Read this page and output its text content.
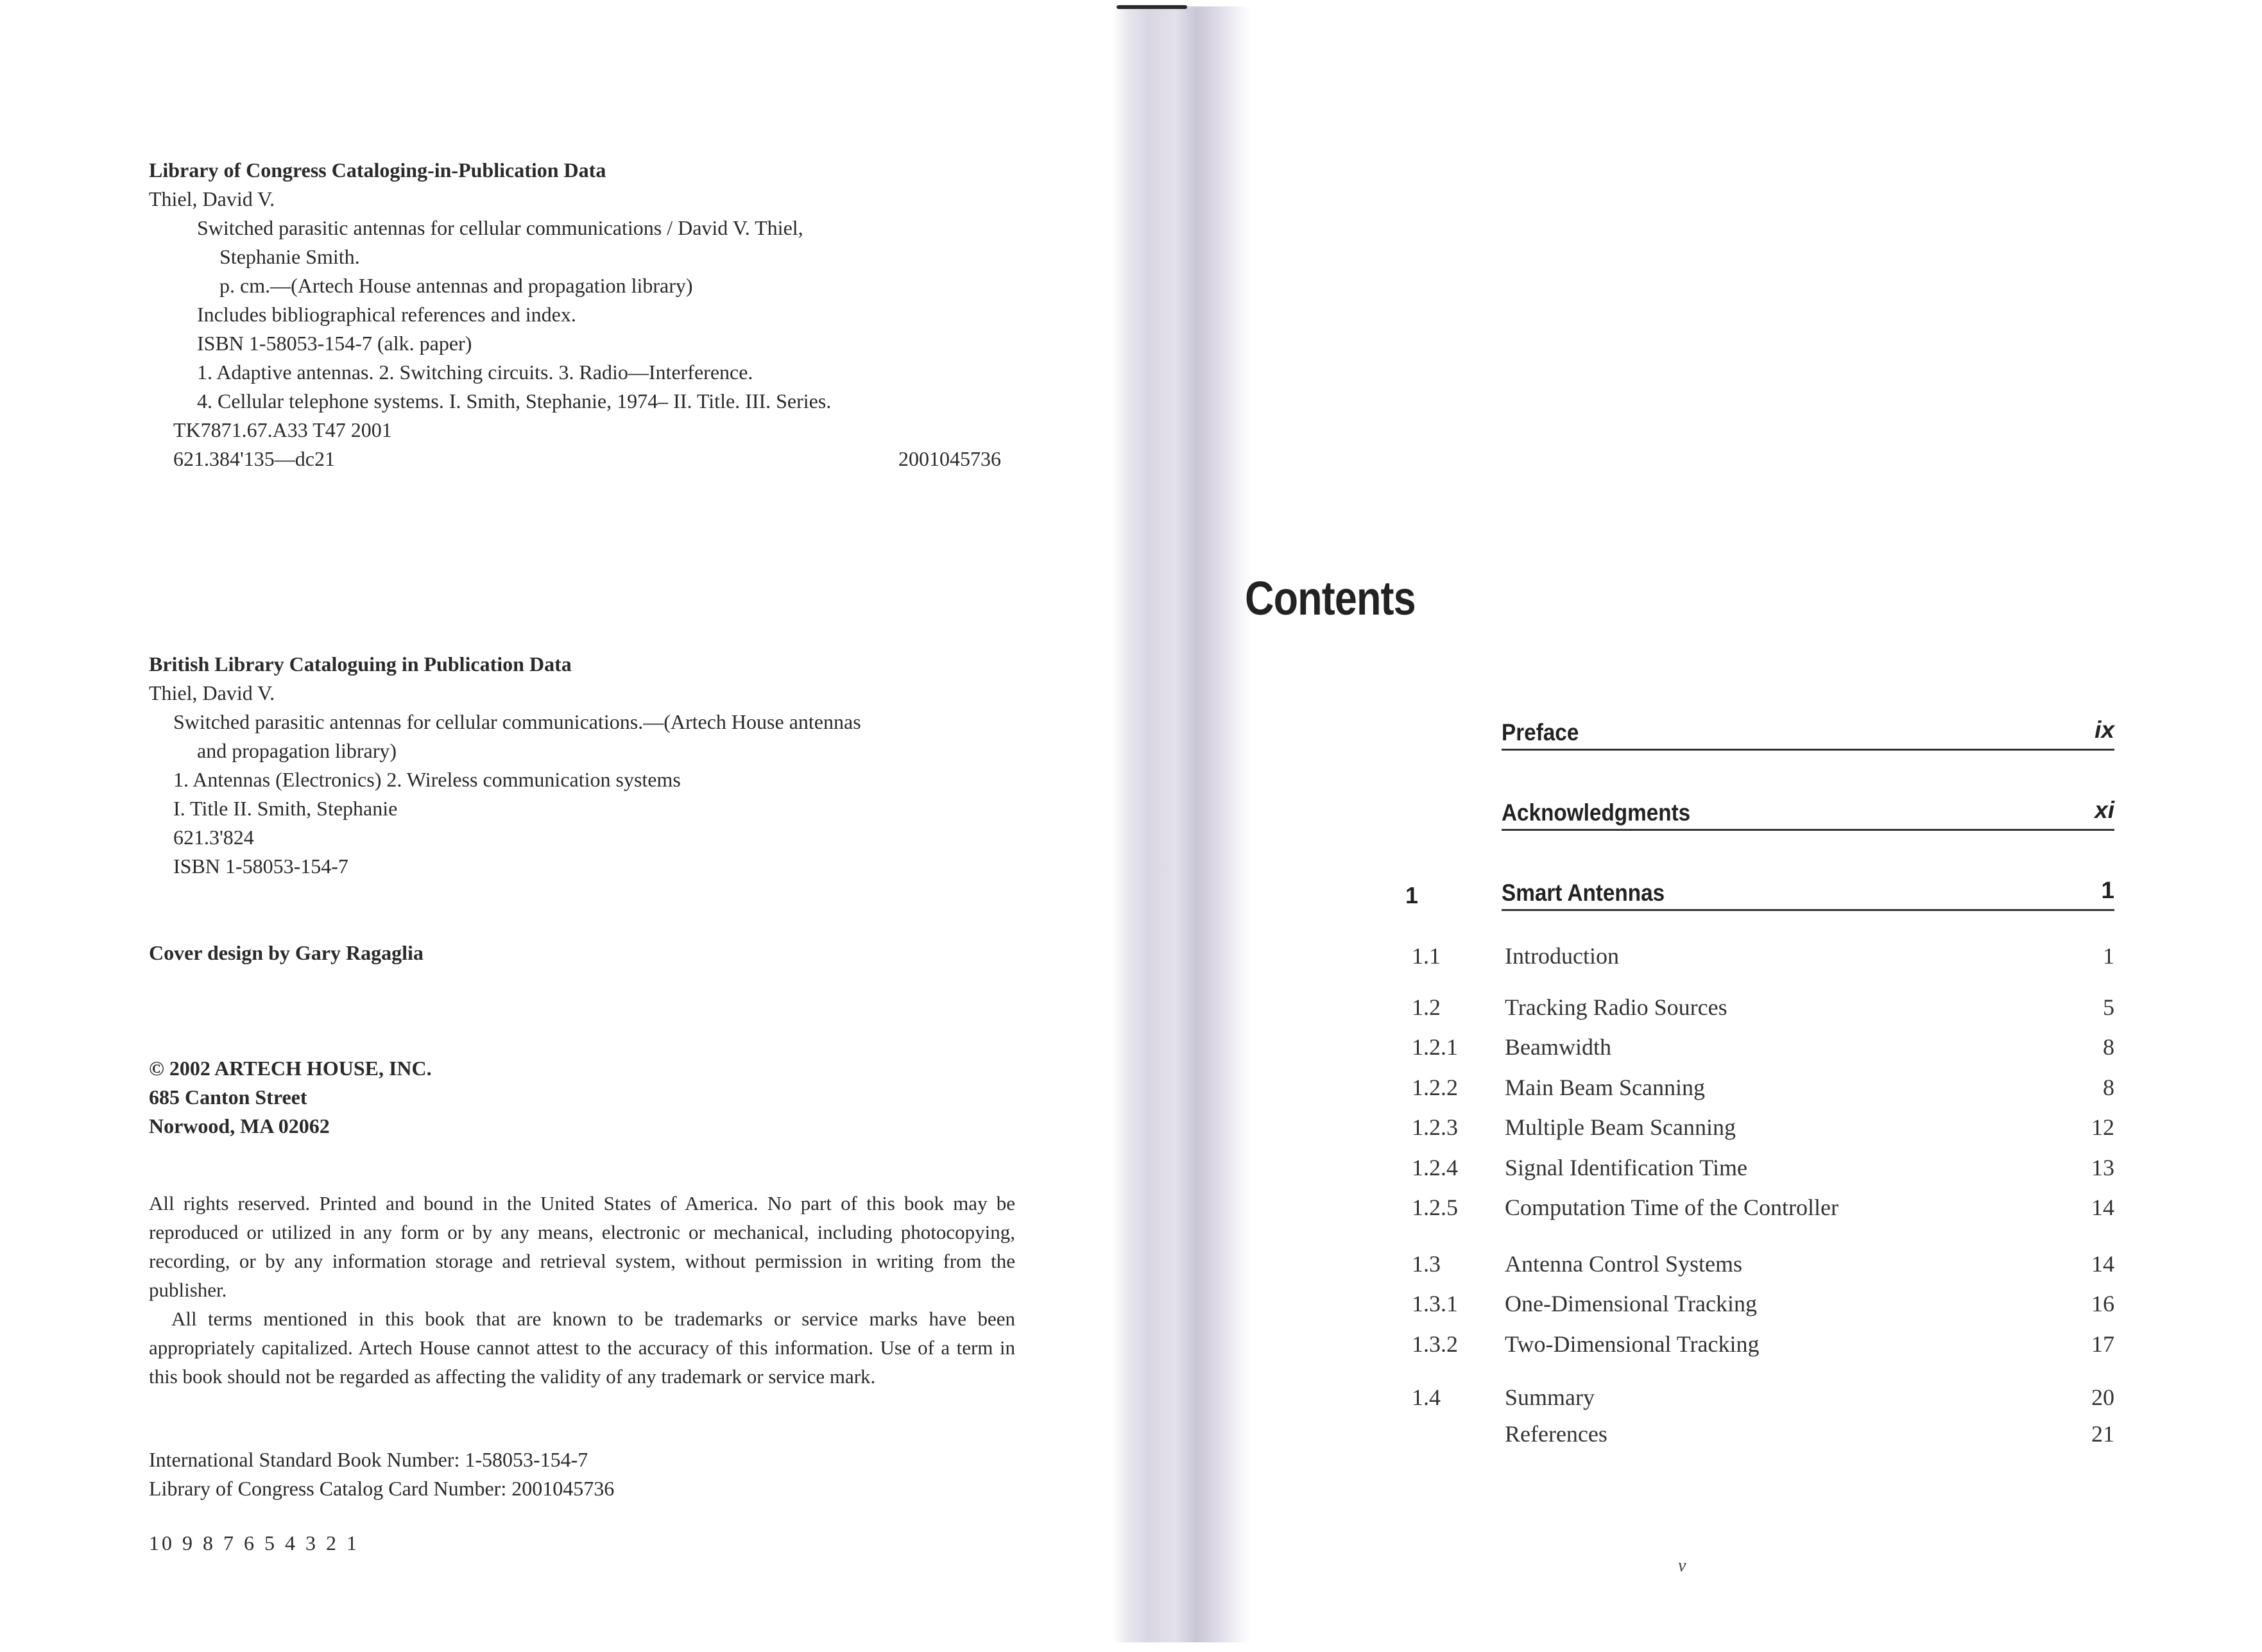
Library of Congress Cataloging-in-Publication Data
Thiel, David V.
Switched parasitic antennas for cellular communications / David V. Thiel,
Stephanie Smith.
p. cm.—(Artech House antennas and propagation library)
Includes bibliographical references and index.
ISBN 1-58053-154-7 (alk. paper)
1. Adaptive antennas. 2. Switching circuits. 3. Radio—Interference.
4. Cellular telephone systems. I. Smith, Stephanie, 1974– II. Title. III. Series.
TK7871.67.A33 T47 2001
621.384'135—dc21	2001045736
British Library Cataloguing in Publication Data
Thiel, David V.
Switched parasitic antennas for cellular communications.—(Artech House antennas
and propagation library)
1. Antennas (Electronics) 2. Wireless communication systems
I. Title II. Smith, Stephanie
621.3'824
ISBN 1-58053-154-7
Cover design by Gary Ragaglia
© 2002 ARTECH HOUSE, INC.
685 Canton Street
Norwood, MA 02062
All rights reserved. Printed and bound in the United States of America. No part of this book may be reproduced or utilized in any form or by any means, electronic or mechanical, including photocopying, recording, or by any information storage and retrieval system, without permission in writing from the publisher.
All terms mentioned in this book that are known to be trademarks or service marks have been appropriately capitalized. Artech House cannot attest to the accuracy of this information. Use of a term in this book should not be regarded as affecting the validity of any trademark or service mark.
International Standard Book Number: 1-58053-154-7
Library of Congress Catalog Card Number: 2001045736
10 9 8 7 6 5 4 3 2 1
Contents
Preface	ix
Acknowledgments	xi
1	Smart Antennas	1
1.1	Introduction	1
1.2	Tracking Radio Sources	5
1.2.1 Beamwidth	8
1.2.2 Main Beam Scanning	8
1.2.3 Multiple Beam Scanning	12
1.2.4 Signal Identification Time	13
1.2.5 Computation Time of the Controller	14
1.3	Antenna Control Systems	14
1.3.1 One-Dimensional Tracking	16
1.3.2 Two-Dimensional Tracking	17
1.4	Summary	20
References	21
v
